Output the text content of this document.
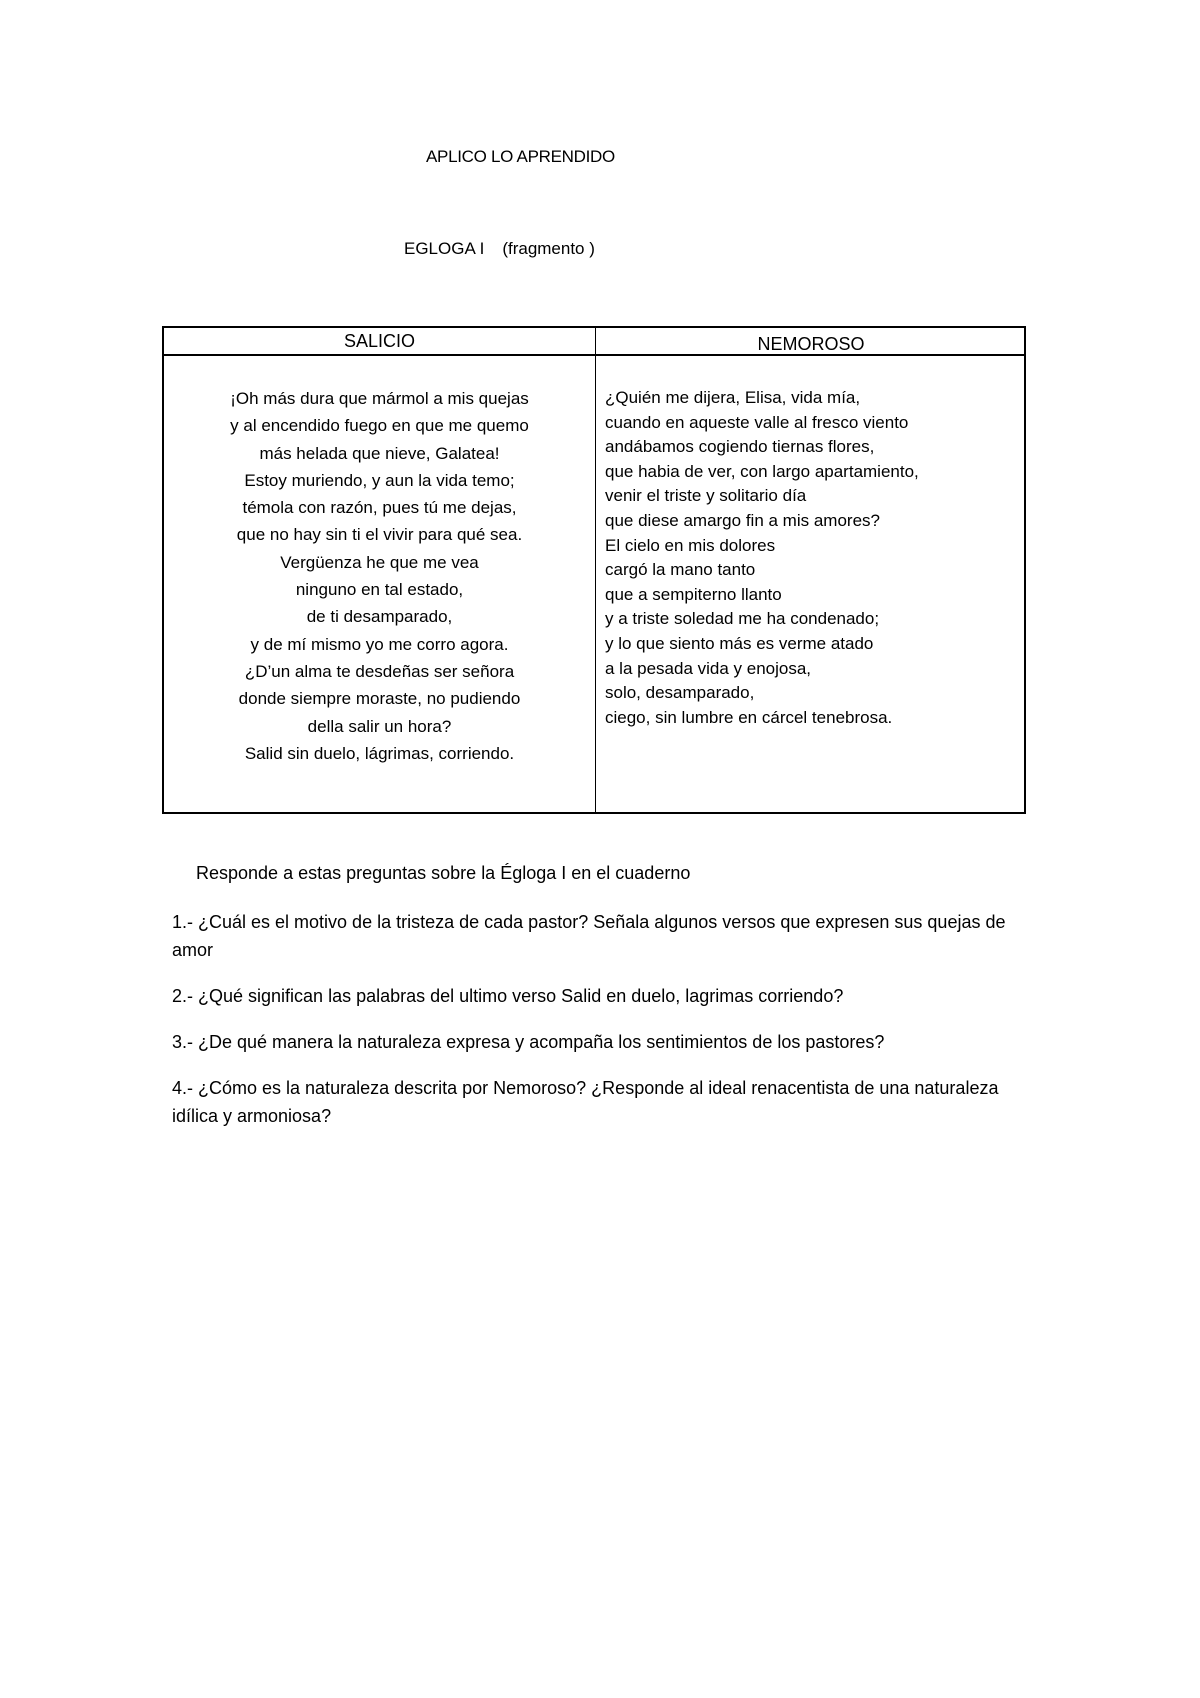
APLICO LO APRENDIDO
EGLOGA I (fragmento )
SALICIO	NEMOROSO
¡Oh más dura que mármol a mis quejas
y al encendido fuego en que me quemo
más helada que nieve, Galatea!
Estoy muriendo, y aun la vida temo;
témola con razón, pues tú me dejas,
que no hay sin ti el vivir para qué sea.
Vergüenza he que me vea
ninguno en tal estado,
de ti desamparado,
y de mí mismo yo me corro agora.
¿D’un alma te desdeñas ser señora
donde siempre moraste, no pudiendo
della salir un hora?
Salid sin duelo, lágrimas, corriendo.
¿Quién me dijera, Elisa, vida mía,
cuando en aqueste valle al fresco viento
andábamos cogiendo tiernas flores,
que habia de ver, con largo apartamiento,
venir el triste y solitario día
que diese amargo fin a mis amores?
El cielo en mis dolores
cargó la mano tanto
que a sempiterno llanto
y a triste soledad me ha condenado;
y lo que siento más es verme atado
a la pesada vida y enojosa,
solo, desamparado,
ciego, sin lumbre en cárcel tenebrosa.
Responde a estas preguntas sobre la Égloga I en el cuaderno
1.- ¿Cuál es el motivo de la tristeza de cada pastor? Señala algunos versos que expresen sus quejas de amor
2.- ¿Qué significan las palabras del ultimo verso Salid en duelo, lagrimas corriendo?
3.- ¿De qué manera la naturaleza expresa y acompaña los sentimientos de los pastores?
4.- ¿Cómo es la naturaleza descrita por Nemoroso? ¿Responde al ideal renacentista de una naturaleza idílica y armoniosa?
